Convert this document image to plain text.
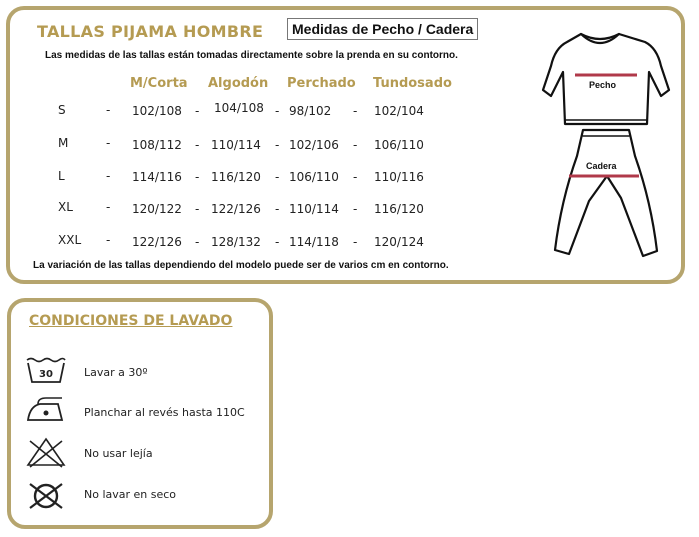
TALLAS PIJAMA HOMBRE	Medidas de Pecho / Cadera
Las medidas de las tallas están tomadas directamente sobre la prenda en su contorno.
M/Corta Algodón Perchado Tundosado
S	- 102/108 - 104/108 - 98/102 - 102/104
M	- 108/112 - 110/114 - 102/106 - 106/110
L	- 114/116 - 116/120 - 106/110 - 110/116
XL	- 120/122 - 122/126 - 110/114 - 116/120
XXL - 122/126 - 128/132 - 114/118 - 120/124
La variación de las tallas dependiendo del modelo puede ser de varios cm en contorno.
Pecho
Cadera
CONDICIONES DE LAVADO
30	Lavar a 30º
Planchar al revés hasta 110C
No usar lejía
No lavar en seco
